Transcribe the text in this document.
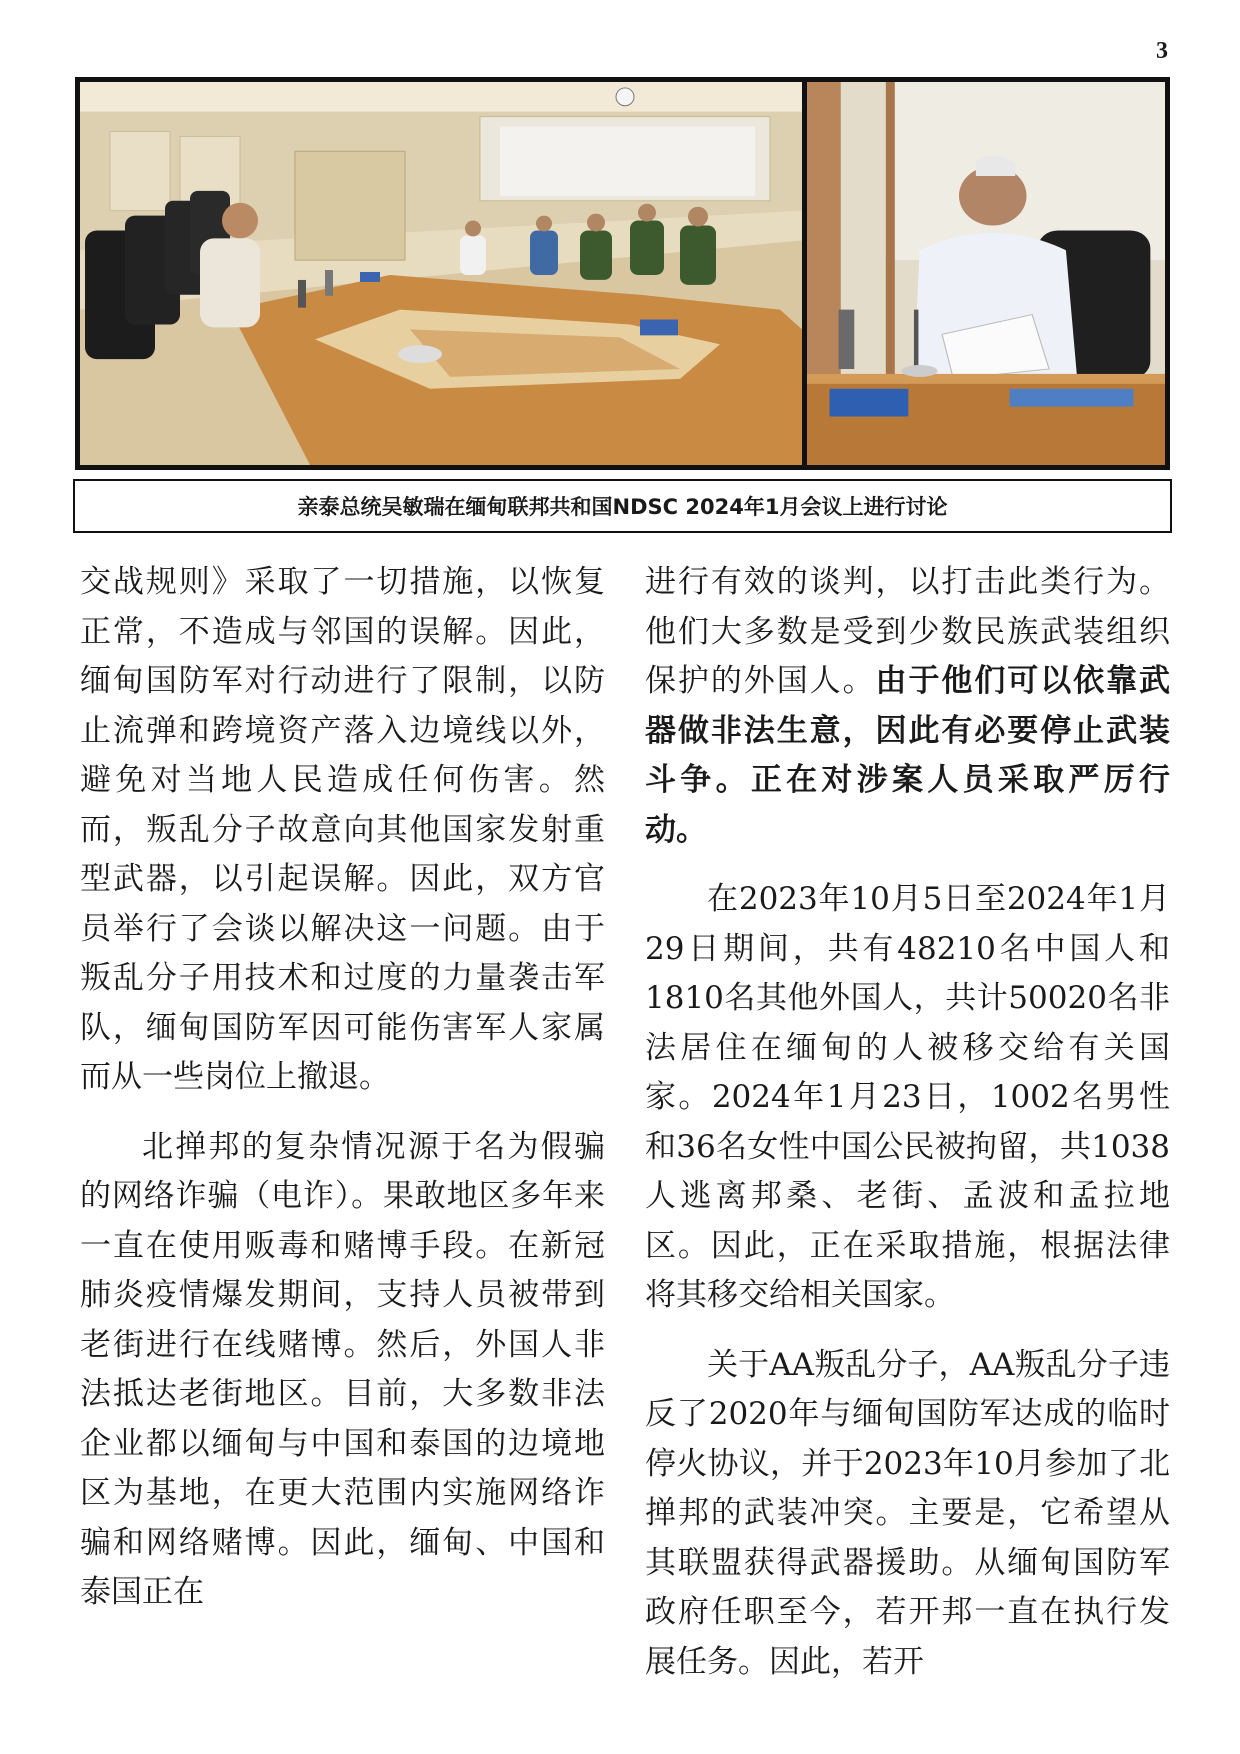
3
亲泰总统吴敏瑞在缅甸联邦共和国NDSC 2024年1月会议上进行讨论

交战规则》采取了一切措施，以恢复正常，不造成与邻国的误解。因此，缅甸国防军对行动进行了限制，以防止流弹和跨境资产落入边境线以外，避免对当地人民造成任何伤害。然而，叛乱分子故意向其他国家发射重型武器，以引起误解。因此，双方官员举行了会谈以解决这一问题。由于叛乱分子用技术和过度的力量袭击军队，缅甸国防军因可能伤害军人家属而从一些岗位上撤退。

北掸邦的复杂情况源于名为假骗的网络诈骗（电诈）。果敢地区多年来一直在使用贩毒和赌博手段。在新冠肺炎疫情爆发期间，支持人员被带到老街进行在线赌博。然后，外国人非法抵达老街地区。目前，大多数非法企业都以缅甸与中国和泰国的边境地区为基地，在更大范围内实施网络诈骗和网络赌博。因此，缅甸、中国和泰国正在

进行有效的谈判，以打击此类行为。他们大多数是受到少数民族武装组织保护的外国人。由于他们可以依靠武器做非法生意，因此有必要停止武装斗争。正在对涉案人员采取严厉行动。

在2023年10月5日至2024年1月29日期间，共有48210名中国人和1810名其他外国人，共计50020名非法居住在缅甸的人被移交给有关国家。2024年1月23日，1002名男性和36名女性中国公民被拘留，共1038人逃离邦桑、老街、孟波和孟拉地区。因此，正在采取措施，根据法律将其移交给相关国家。

关于AA叛乱分子，AA叛乱分子违反了2020年与缅甸国防军达成的临时停火协议，并于2023年10月参加了北掸邦的武装冲突。主要是，它希望从其联盟获得武器援助。从缅甸国防军政府任职至今，若开邦一直在执行发展任务。因此，若开
